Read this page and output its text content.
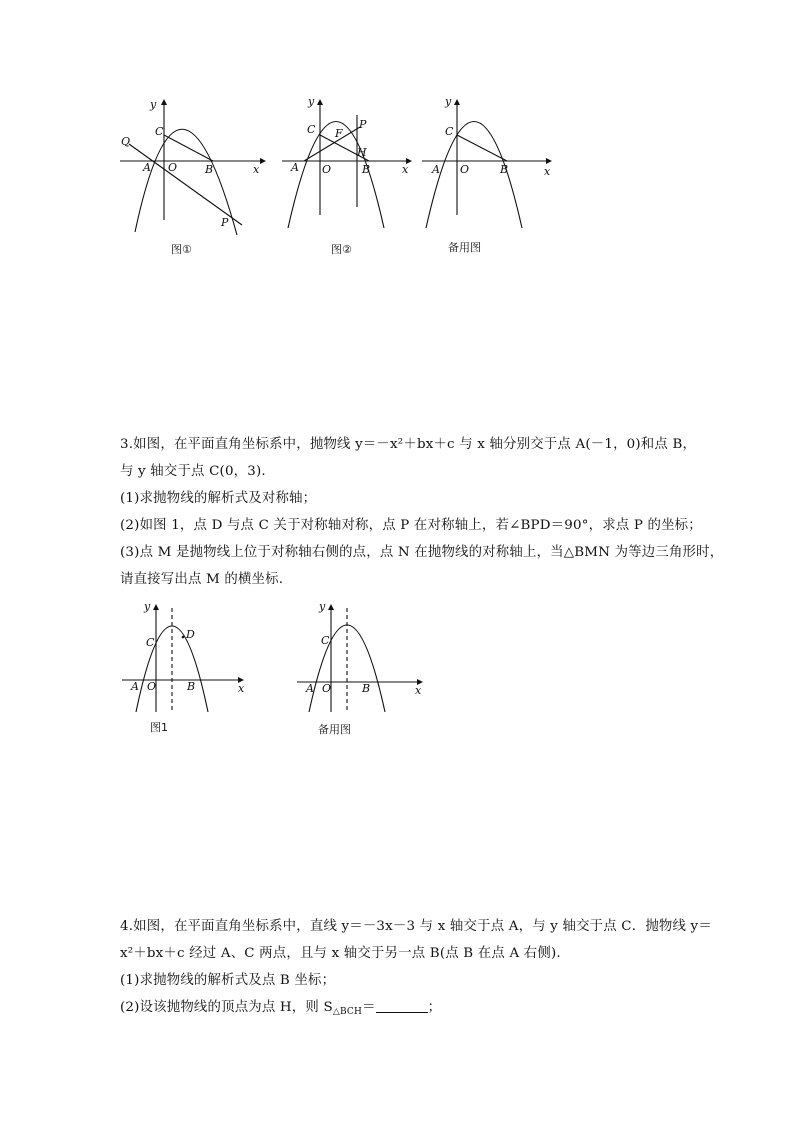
y
x
C
Q
A O	B
P
图①
y
x
C F
P
H
A O	B
图②
y
x
C
A O	B
备用图

3.如图，在平面直角坐标系中，抛物线 y＝－x²＋bx＋c 与 x 轴分别交于点 A(－1，0)和点 B，

与 y 轴交于点 C(0，3).

(1)求抛物线的解析式及对称轴；

(2)如图 1，点 D 与点 C 关于对称轴对称，点 P 在对称轴上，若∠BPD＝90°，求点 P 的坐标；

(3)点 M 是抛物线上位于对称轴右侧的点，点 N 在抛物线的对称轴上，当△BMN 为等边三角形时，

请直接写出点 M 的横坐标.

y
x
C
D
A O	B
图1
y
x
C
A O	B
备用图

4.如图，在平面直角坐标系中，直线 y＝－3x－3 与 x 轴交于点 A，与 y 轴交于点 C．抛物线 y＝

x²＋bx＋c 经过 A、C 两点，且与 x 轴交于另一点 B(点 B 在点 A 右侧).

(1)求抛物线的解析式及点 B 坐标；

(2)设该抛物线的顶点为点 H，则 $S_{\triangle BCH}=$	；
